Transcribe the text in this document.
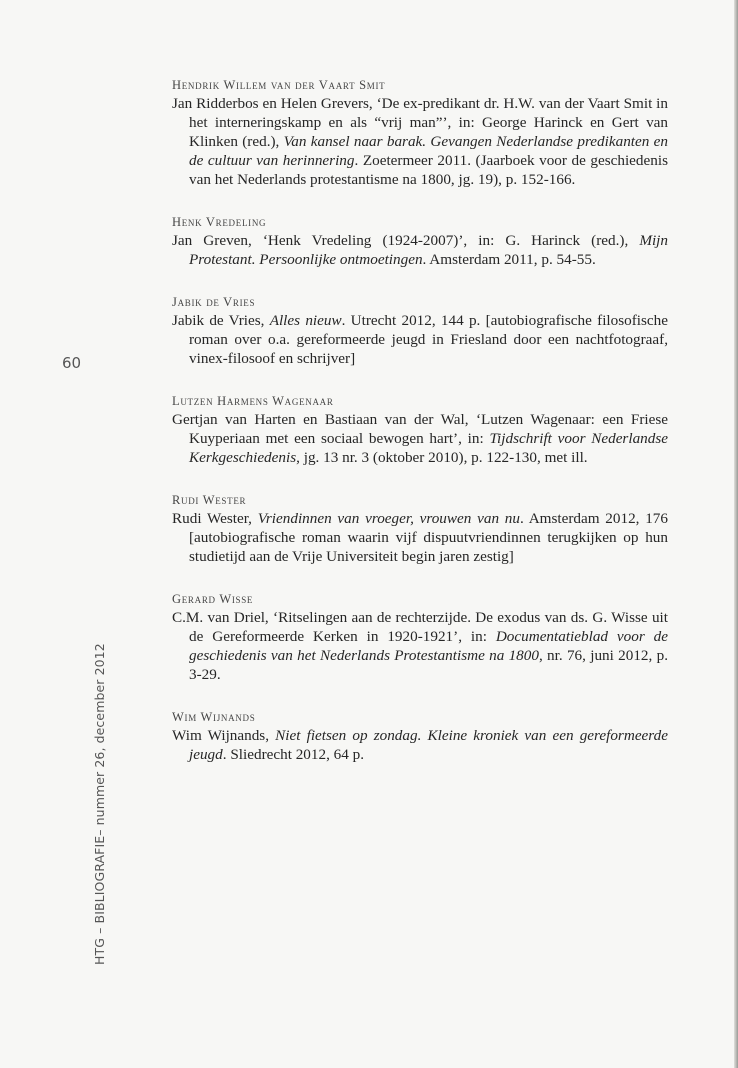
60
HTG – BIBLIOGRAFIE– nummer 26, december 2012
Hendrik Willem van der Vaart Smit
Jan Ridderbos en Helen Grevers, ‘De ex-predikant dr. H.W. van der Vaart Smit in het interneringskamp en als “vrij man”’, in: George Harinck en Gert van Klinken (red.), Van kansel naar barak. Gevangen Nederlandse predikanten en de cultuur van herinnering. Zoetermeer 2011. (Jaarboek voor de geschiedenis van het Nederlands protestantisme na 1800, jg. 19), p. 152-166.
Henk Vredeling
Jan Greven, ‘Henk Vredeling (1924-2007)’, in: G. Harinck (red.), Mijn Protestant. Persoonlijke ontmoetingen. Amsterdam 2011, p. 54-55.
Jabik de Vries
Jabik de Vries, Alles nieuw. Utrecht 2012, 144 p. [autobiografische filosofische roman over o.a. gereformeerde jeugd in Friesland door een nachtfotograaf, vinex-filosoof en schrijver]
Lutzen Harmens Wagenaar
Gertjan van Harten en Bastiaan van der Wal, ‘Lutzen Wagenaar: een Friese Kuyperiaan met een sociaal bewogen hart’, in: Tijdschrift voor Nederlandse Kerkgeschiedenis, jg. 13 nr. 3 (oktober 2010), p. 122-130, met ill.
Rudi Wester
Rudi Wester, Vriendinnen van vroeger, vrouwen van nu. Amsterdam 2012, 176 [autobiografische roman waarin vijf dispuutvriendinnen terugkijken op hun studietijd aan de Vrije Universiteit begin jaren zestig]
Gerard Wisse
C.M. van Driel, ‘Ritselingen aan de rechterzijde. De exodus van ds. G. Wisse uit de Gereformeerde Kerken in 1920-1921’, in: Documentatieblad voor de geschiedenis van het Nederlands Protestantisme na 1800, nr. 76, juni 2012, p. 3-29.
Wim Wijnands
Wim Wijnands, Niet fietsen op zondag. Kleine kroniek van een gereformeerde jeugd. Sliedrecht 2012, 64 p.
